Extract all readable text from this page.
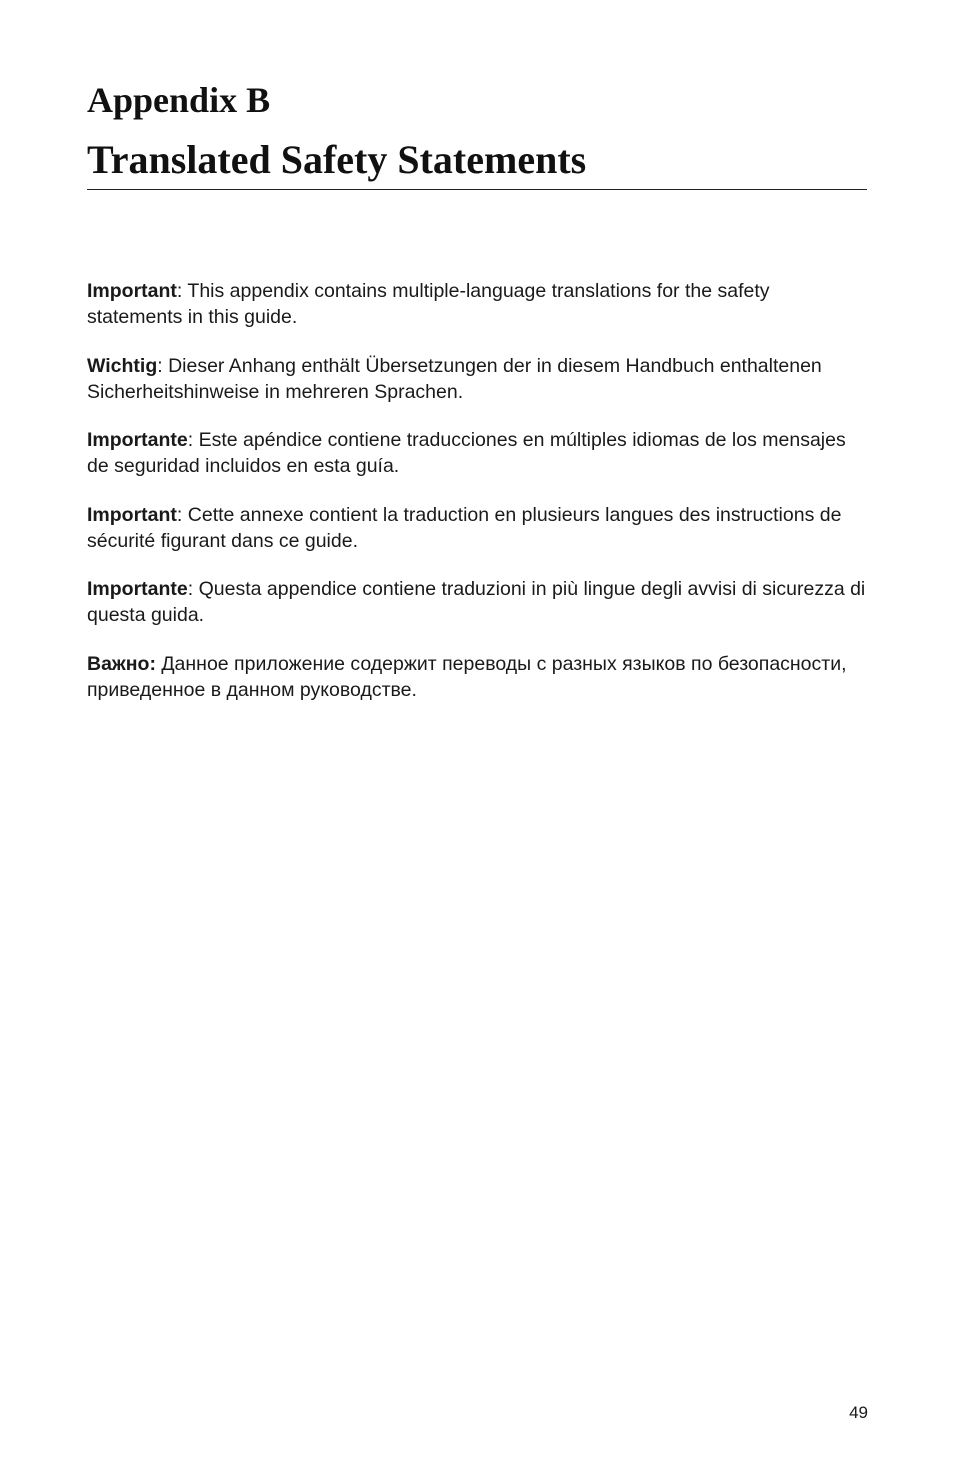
Appendix B
Translated Safety Statements

Important: This appendix contains multiple-language translations for the safety statements in this guide.

Wichtig: Dieser Anhang enthält Übersetzungen der in diesem Handbuch enthaltenen Sicherheitshinweise in mehreren Sprachen.

Importante: Este apéndice contiene traducciones en múltiples idiomas de los mensajes de seguridad incluidos en esta guía.

Important: Cette annexe contient la traduction en plusieurs langues des instructions de sécurité figurant dans ce guide.

Importante: Questa appendice contiene traduzioni in più lingue degli avvisi di sicurezza di questa guida.

Важно: Данное приложение содержит переводы с разных языков по безопасности, приведенное в данном руководстве.

49
